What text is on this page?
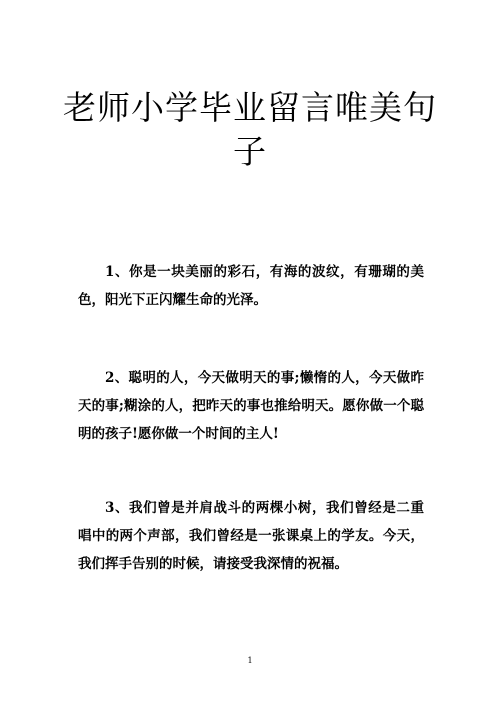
老师小学毕业留言唯美句子

1、你是一块美丽的彩石，有海的波纹，有珊瑚的美色，阳光下正闪耀生命的光泽。

2、聪明的人，今天做明天的事;懒惰的人，今天做昨天的事;糊涂的人，把昨天的事也推给明天。愿你做一个聪明的孩子!愿你做一个时间的主人!

3、我们曾是并肩战斗的两棵小树，我们曾经是二重唱中的两个声部，我们曾经是一张课桌上的学友。今天，我们挥手告别的时候，请接受我深情的祝福。

1
